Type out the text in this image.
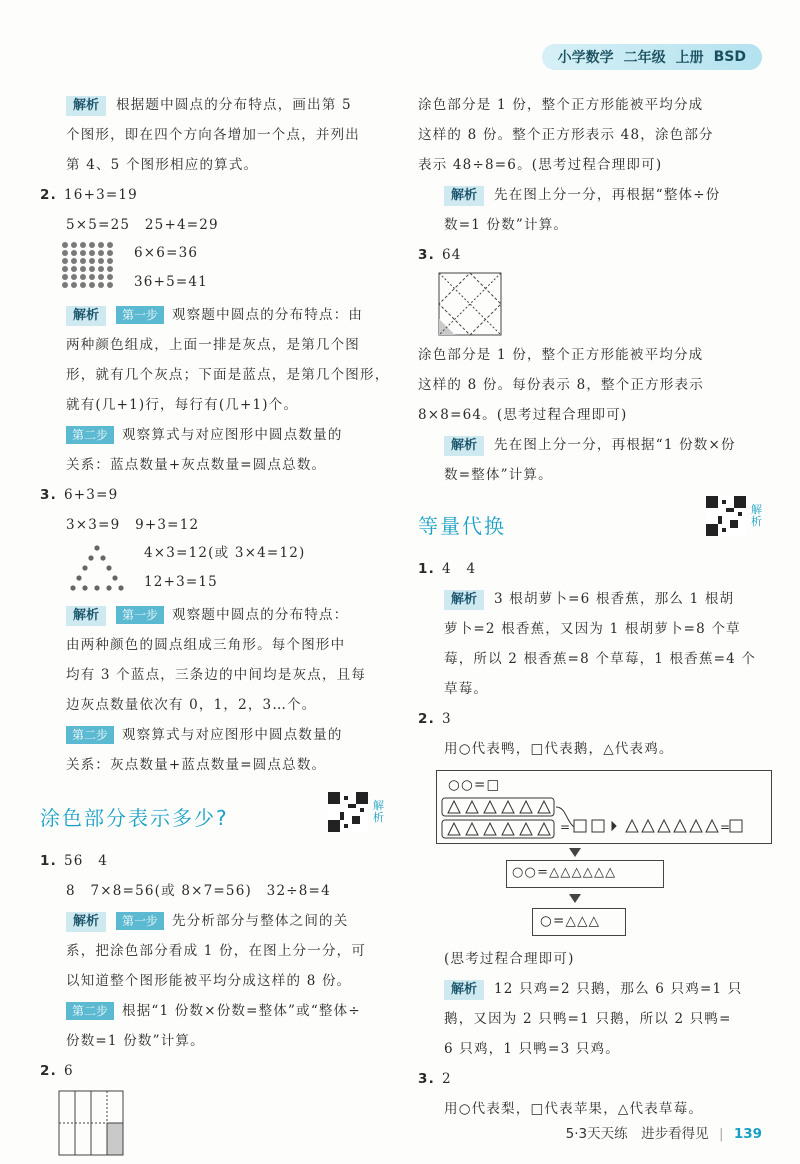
小学数学 二年级 上册 BSD
解析 根据题中圆点的分布特点，画出第 5
个图形，即在四个方向各增加一个点，并列出
第 4、5 个图形相应的算式。
2. 16+3=19
5×5=25　25+4=29
6×6=36
36+5=41
解析 第一步 观察题中圆点的分布特点：由
两种颜色组成，上面一排是灰点，是第几个图
形，就有几个灰点；下面是蓝点，是第几个图形，
就有(几+1)行，每行有(几+1)个。
第二步 观察算式与对应图形中圆点数量的
关系：蓝点数量+灰点数量=圆点总数。
3. 6+3=9
3×3=9　9+3=12
4×3=12(或 3×4=12)
12+3=15
解析 第一步 观察题中圆点的分布特点：
由两种颜色的圆点组成三角形。每个图形中
均有 3 个蓝点，三条边的中间均是灰点，且每
边灰点数量依次有 0，1，2，3…个。
第二步 观察算式与对应图形中圆点数量的
关系：灰点数量+蓝点数量=圆点总数。
涂色部分表示多少?
解析
1. 56　4
8　7×8=56(或 8×7=56)　32÷8=4
解析 第一步 先分析部分与整体之间的关
系，把涂色部分看成 1 份，在图上分一分，可
以知道整个图形能被平均分成这样的 8 份。
第二步 根据“1 份数×份数=整体”或“整体÷
份数=1 份数”计算。
2. 6
涂色部分是 1 份，整个正方形能被平均分成
这样的 8 份。整个正方形表示 48，涂色部分
表示 48÷8=6。(思考过程合理即可)
解析 先在图上分一分，再根据“整体÷份
数=1 份数”计算。
3. 64
涂色部分是 1 份，整个正方形能被平均分成
这样的 8 份。每份表示 8，整个正方形表示
8×8=64。(思考过程合理即可)
解析 先在图上分一分，再根据“1 份数×份
数=整体”计算。
等量代换
解析
1. 4　4
解析 3 根胡萝卜=6 根香蕉，那么 1 根胡
萝卜=2 根香蕉，又因为 1 根胡萝卜=8 个草
莓，所以 2 根香蕉=8 个草莓，1 根香蕉=4 个
草莓。
2. 3
用○代表鸭，□代表鹅，△代表鸡。
○○=□
=	=
○○=△△△△△△
○=△△△
(思考过程合理即可)
解析 12 只鸡=2 只鹅，那么 6 只鸡=1 只
鹅，又因为 2 只鸭=1 只鹅，所以 2 只鸭=
6 只鸡，1 只鸭=3 只鸡。
3. 2
用○代表梨，□代表苹果，△代表草莓。
5·3天天练　进步看得见 | 139
